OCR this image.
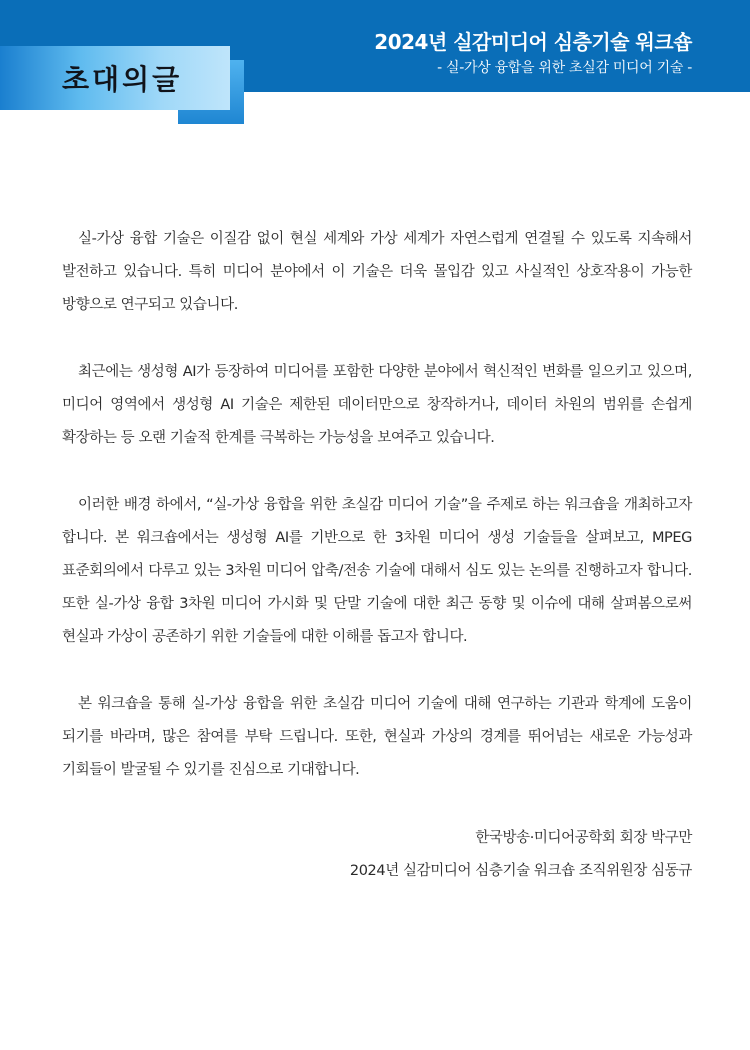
2024년 실감미디어 심층기술 워크숍
- 실-가상 융합을 위한 초실감 미디어 기술 -
초대의글

실-가상 융합 기술은 이질감 없이 현실 세계와 가상 세계가 자연스럽게 연결될 수 있도록 지속해서 발전하고 있습니다. 특히 미디어 분야에서 이 기술은 더욱 몰입감 있고 사실적인 상호작용이 가능한 방향으로 연구되고 있습니다.

최근에는 생성형 AI가 등장하여 미디어를 포함한 다양한 분야에서 혁신적인 변화를 일으키고 있으며, 미디어 영역에서 생성형 AI 기술은 제한된 데이터만으로 창작하거나, 데이터 차원의 범위를 손쉽게 확장하는 등 오랜 기술적 한계를 극복하는 가능성을 보여주고 있습니다.

이러한 배경 하에서, “실-가상 융합을 위한 초실감 미디어 기술”을 주제로 하는 워크숍을 개최하고자 합니다. 본 워크숍에서는 생성형 AI를 기반으로 한 3차원 미디어 생성 기술들을 살펴보고, MPEG 표준회의에서 다루고 있는 3차원 미디어 압축/전송 기술에 대해서 심도 있는 논의를 진행하고자 합니다. 또한 실-가상 융합 3차원 미디어 가시화 및 단말 기술에 대한 최근 동향 및 이슈에 대해 살펴봄으로써 현실과 가상이 공존하기 위한 기술들에 대한 이해를 돕고자 합니다.

본 워크숍을 통해 실-가상 융합을 위한 초실감 미디어 기술에 대해 연구하는 기관과 학계에 도움이 되기를 바라며, 많은 참여를 부탁 드립니다. 또한, 현실과 가상의 경계를 뛰어넘는 새로운 가능성과 기회들이 발굴될 수 있기를 진심으로 기대합니다.

한국방송·미디어공학회 회장 박구만
2024년 실감미디어 심층기술 워크숍 조직위원장 심동규
